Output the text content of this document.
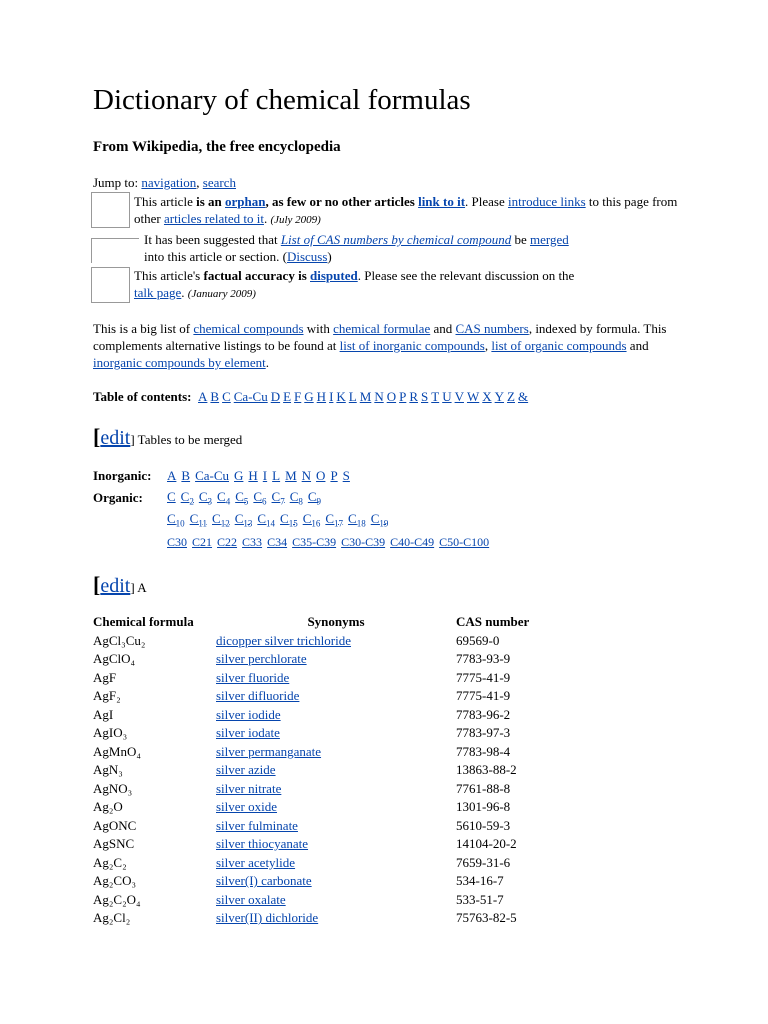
Dictionary of chemical formulas
From Wikipedia, the free encyclopedia
Jump to: navigation, search
This article is an orphan, as few or no other articles link to it. Please introduce links to this page from other articles related to it. (July 2009)
It has been suggested that List of CAS numbers by chemical compound be merged
into this article or section. (Discuss)
This article's factual accuracy is disputed. Please see the relevant discussion on the
talk page. (January 2009)
This is a big list of chemical compounds with chemical formulae and CAS numbers, indexed by formula. This complements alternative listings to be found at list of inorganic compounds, list of organic compounds and inorganic compounds by element.
Table of contents: A B C Ca-Cu D E F G H I K L M N O P R S T U V W X Y Z &
[edit] Tables to be merged
Inorganic:	A B Ca-Cu G H I L M N O P S
Organic:	C $C_2$ $C_3$ $C_4$ $C_5$ $C_6$ $C_7$ $C_8$ $C_9$
	$C_{10}$ $C_{11}$ $C_{12}$ $C_{13}$ $C_{14}$ $C_{15}$ $C_{16}$ $C_{17}$ $C_{18}$ $C_{19}$
	C30 C21 C22 C33 C34 C35-C39 C30-C39 C40-C49 C50-C100
[edit] A
Chemical formula	Synonyms	CAS number
AgCl₃Cu₂	dicopper silver trichloride	69569-0
AgClO₄	silver perchlorate	7783-93-9
AgF	silver fluoride	7775-41-9
AgF₂	silver difluoride	7775-41-9
AgI	silver iodide	7783-96-2
AgIO₃	silver iodate	7783-97-3
AgMnO₄	silver permanganate	7783-98-4
AgN₃	silver azide	13863-88-2
AgNO₃	silver nitrate	7761-88-8
Ag₂O	silver oxide	1301-96-8
AgONC	silver fulminate	5610-59-3
AgSNC	silver thiocyanate	14104-20-2
Ag₂C₂	silver acetylide	7659-31-6
Ag₂CO₃	silver(I) carbonate	534-16-7
Ag₂C₂O₄	silver oxalate	533-51-7
Ag₂Cl₂	silver(II) dichloride	75763-82-5
